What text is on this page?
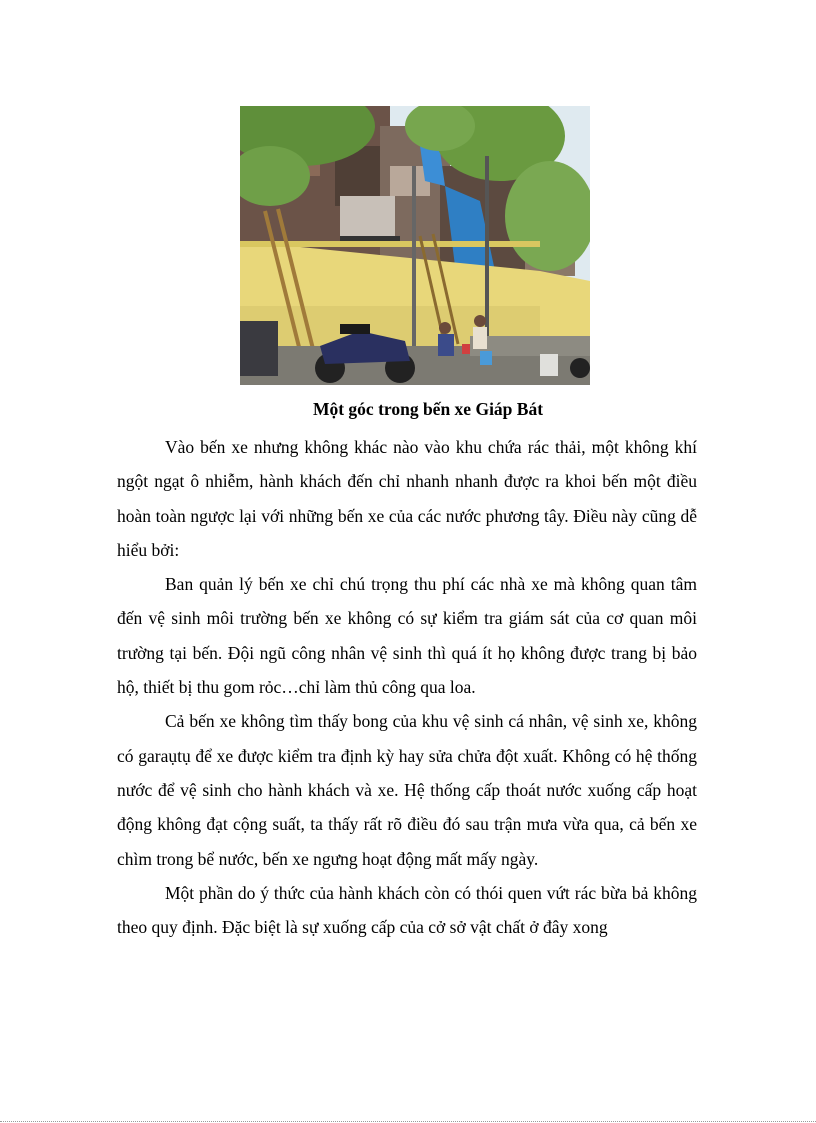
Một góc trong bến xe Giáp Bát

Vào bến xe nhưng không khác nào vào khu chứa rác thải, một không khí ngột ngạt ô nhiễm, hành khách đến chỉ nhanh nhanh được ra khoi bến một điều hoàn toàn ngược lại với những bến xe của các nước phương tây. Điều này cũng dễ hiểu bởi:

Ban quản lý bến xe chỉ chú trọng thu phí các nhà xe mà không quan tâm đến vệ sinh môi trường bến xe không có sự kiểm tra giám sát của cơ quan môi trường tại bến. Đội ngũ công nhân vệ sinh thì quá ít họ không được trang bị bảo hộ, thiết bị thu gom rỏc…chỉ làm thủ công qua loa.

Cả bến xe không tìm thấy bong của khu vệ sinh cá nhân, vệ sinh xe, không có garaụtụ để xe được kiểm tra định kỳ hay sửa chửa đột xuất. Không có hệ thống nước để vệ sinh cho hành khách và xe. Hệ thống cấp thoát nước xuống cấp hoạt động không đạt cộng suất, ta thấy rất rõ điều đó sau trận mưa vừa qua, cả bến xe chìm trong bể nước, bến xe ngưng hoạt động mất mấy ngày.

Một phần do ý thức của hành khách còn có thói quen vứt rác bừa bả không theo quy định. Đặc biệt là sự xuống cấp của cở sở vật chất ở đây xong
